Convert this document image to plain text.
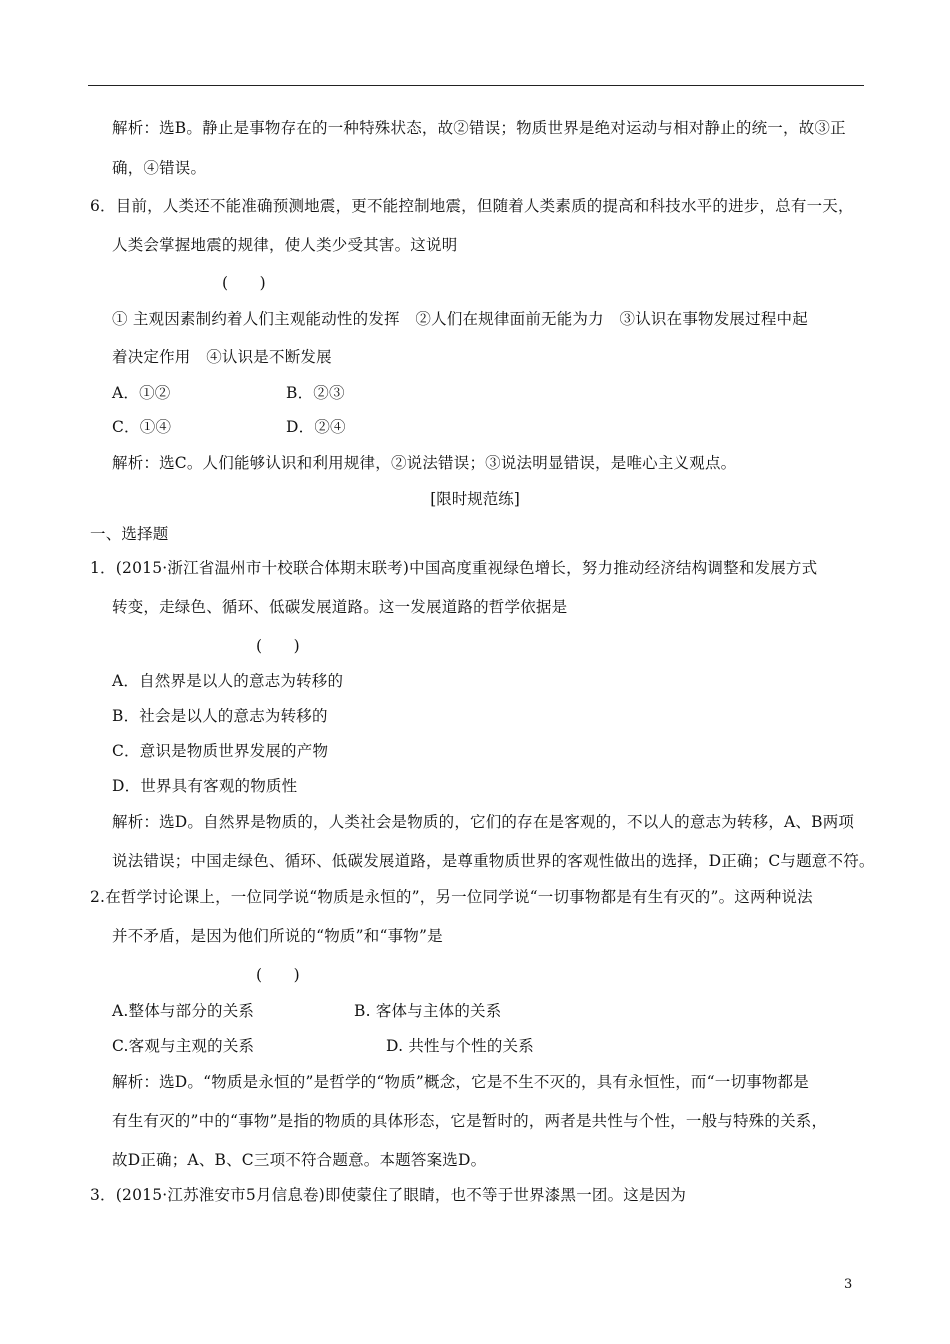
解析：选B。静止是事物存在的一种特殊状态，故②错误；物质世界是绝对运动与相对静止的统一，故③正
确，④错误。
6．目前，人类还不能准确预测地震，更不能控制地震，但随着人类素质的提高和科技水平的进步，总有一天，
人类会掌握地震的规律，使人类少受其害。这说明
(　　)
① 主观因素制约着人们主观能动性的发挥　②人们在规律面前无能为力　③认识在事物发展过程中起
着决定作用　④认识是不断发展
A．①②	B．②③
C．①④	D．②④
解析：选C。人们能够认识和利用规律，②说法错误；③说法明显错误，是唯心主义观点。
[限时规范练]
一、选择题
1．(2015·浙江省温州市十校联合体期末联考)中国高度重视绿色增长，努力推动经济结构调整和发展方式
转变，走绿色、循环、低碳发展道路。这一发展道路的哲学依据是
(　　)
A．自然界是以人的意志为转移的
B．社会是以人的意志为转移的
C．意识是物质世界发展的产物
D．世界具有客观的物质性
解析：选D。自然界是物质的，人类社会是物质的，它们的存在是客观的，不以人的意志为转移，A、B两项
说法错误；中国走绿色、循环、低碳发展道路，是尊重物质世界的客观性做出的选择，D正确；C与题意不符。
2.在哲学讨论课上，一位同学说“物质是永恒的”，另一位同学说“一切事物都是有生有灭的”。这两种说法
并不矛盾，是因为他们所说的“物质”和“事物”是
(　　)
A.整体与部分的关系	B. 客体与主体的关系
C.客观与主观的关系	D. 共性与个性的关系
解析：选D。“物质是永恒的”是哲学的“物质”概念，它是不生不灭的，具有永恒性，而“一切事物都是
有生有灭的”中的“事物”是指的物质的具体形态，它是暂时的，两者是共性与个性，一般与特殊的关系，
故D正确；A、B、C三项不符合题意。本题答案选D。
3．(2015·江苏淮安市5月信息卷)即使蒙住了眼睛，也不等于世界漆黑一团。这是因为
3
